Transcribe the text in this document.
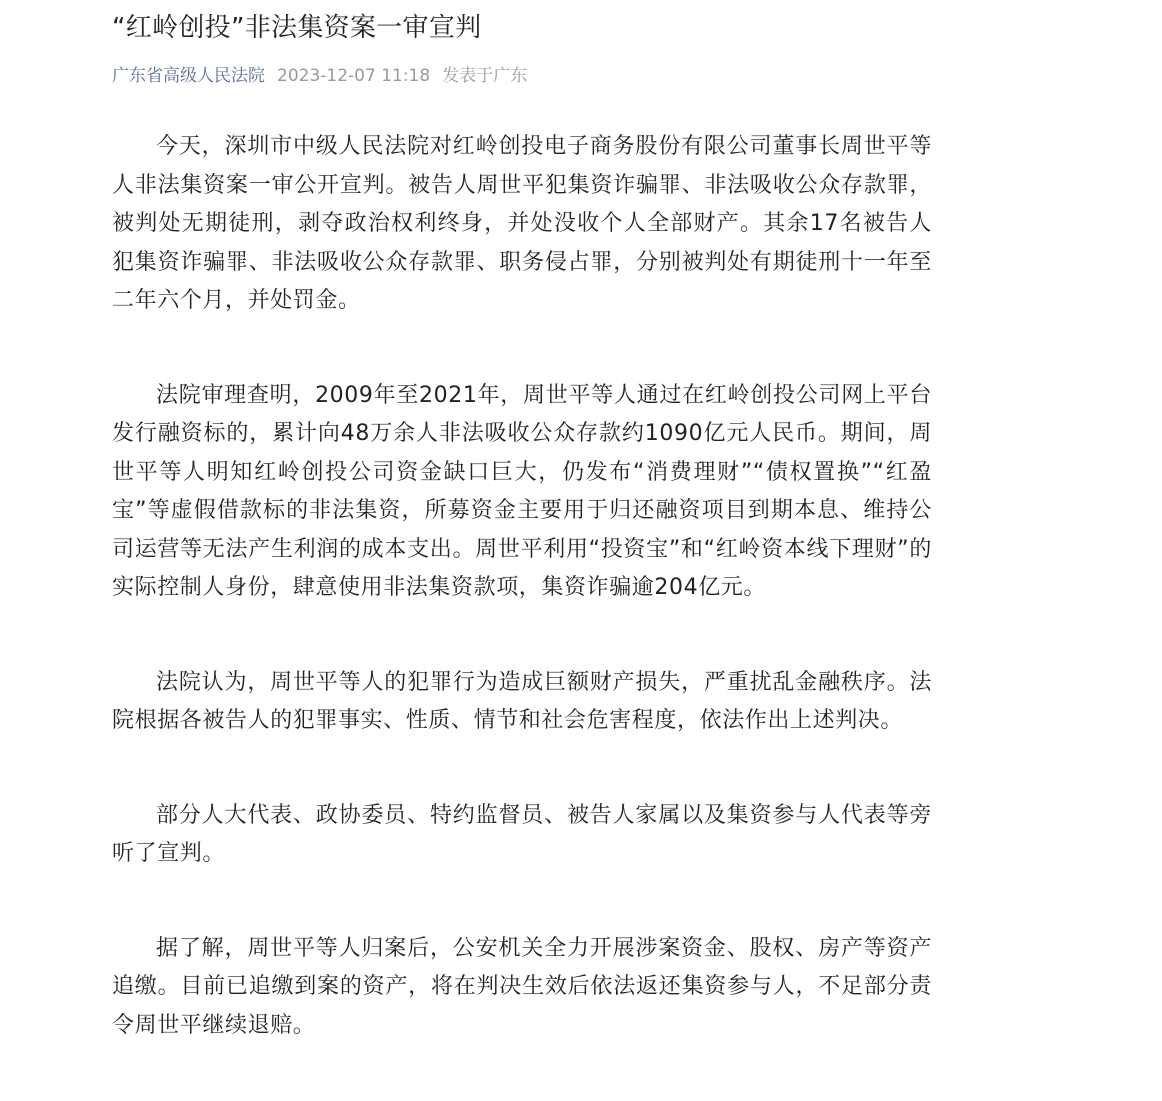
“红岭创投”非法集资案一审宣判
广东省高级人民法院 2023-12-07 11:18 发表于广东

今天，深圳市中级人民法院对红岭创投电子商务股份有限公司董事长周世平等人非法集资案一审公开宣判。被告人周世平犯集资诈骗罪、非法吸收公众存款罪，被判处无期徒刑，剥夺政治权利终身，并处没收个人全部财产。其余17名被告人犯集资诈骗罪、非法吸收公众存款罪、职务侵占罪，分别被判处有期徒刑十一年至二年六个月，并处罚金。

法院审理查明，2009年至2021年，周世平等人通过在红岭创投公司网上平台发行融资标的，累计向48万余人非法吸收公众存款约1090亿元人民币。期间，周世平等人明知红岭创投公司资金缺口巨大，仍发布“消费理财”“债权置换”“红盈宝”等虚假借款标的非法集资，所募资金主要用于归还融资项目到期本息、维持公司运营等无法产生利润的成本支出。周世平利用“投资宝”和“红岭资本线下理财”的实际控制人身份，肆意使用非法集资款项，集资诈骗逾204亿元。

法院认为，周世平等人的犯罪行为造成巨额财产损失，严重扰乱金融秩序。法院根据各被告人的犯罪事实、性质、情节和社会危害程度，依法作出上述判决。

部分人大代表、政协委员、特约监督员、被告人家属以及集资参与人代表等旁听了宣判。

据了解，周世平等人归案后，公安机关全力开展涉案资金、股权、房产等资产追缴。目前已追缴到案的资产，将在判决生效后依法返还集资参与人，不足部分责令周世平继续退赔。
